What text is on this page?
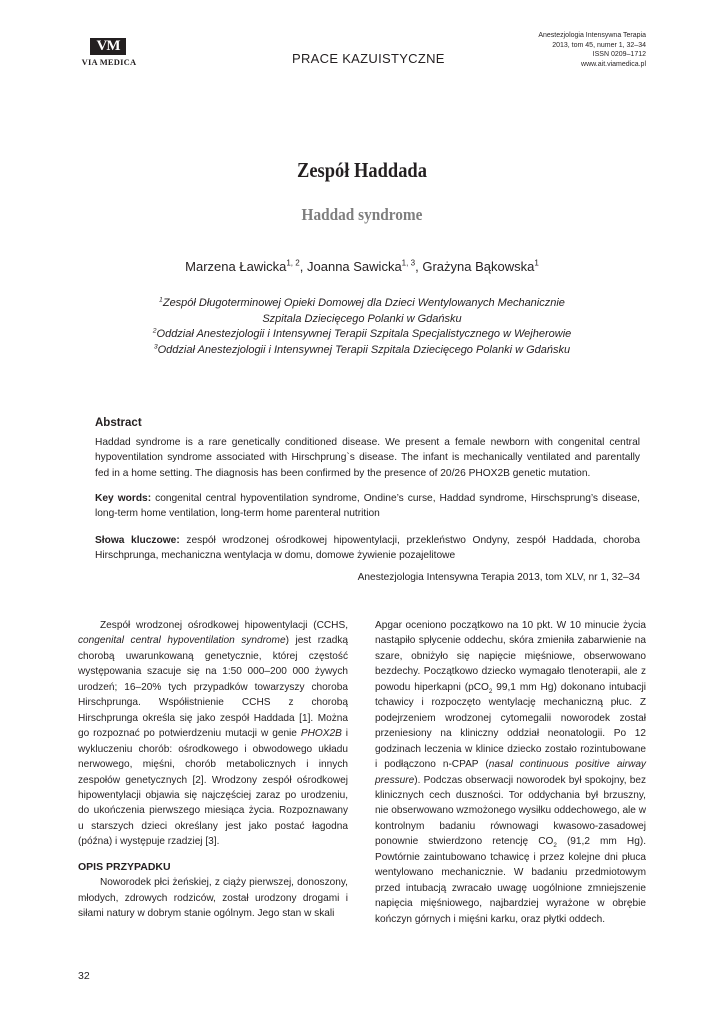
VM
VIA MEDICA	PRACE KAZUISTYCZNE
Anestezjologia Intensywna Terapia
2013, tom 45, numer 1, 32–34
ISSN 0209–1712
www.ait.viamedica.pl
Zespół Haddada
Haddad syndrome
Marzena Ławicka$^{1, 2}$, Joanna Sawicka$^{1, 3}$, Grażyna Bąkowska$^1$
$^1$Zespół Długoterminowej Opieki Domowej dla Dzieci Wentylowanych Mechanicznie
Szpitala Dziecięcego Polanki w Gdańsku
$^2$Oddział Anestezjologii i Intensywnej Terapii Szpitala Specjalistycznego w Wejherowie
$^3$Oddział Anestezjologii i Intensywnej Terapii Szpitala Dziecięcego Polanki w Gdańsku
Abstract
Haddad syndrome is a rare genetically conditioned disease. We present a female newborn with congenital central hypoventilation syndrome associated with Hirschprung`s disease. The infant is mechanically ventilated and parentally fed in a home setting. The diagnosis has been confirmed by the presence of 20/26 PHOX2B genetic mutation.
Key words: congenital central hypoventilation syndrome, Ondine’s curse, Haddad syndrome, Hirschsprung’s disease, long-term home ventilation, long-term home parenteral nutrition
Słowa kluczowe: zespół wrodzonej ośrodkowej hipowentylacji, przekleństwo Ondyny, zespół Haddada, choroba Hirschprunga, mechaniczna wentylacja w domu, domowe żywienie pozajelitowe
Anestezjologia Intensywna Terapia 2013, tom XLV, nr 1, 32–34

Zespół wrodzonej ośrodkowej hipowentylacji (CCHS, congenital central hypoventilation syndrome) jest rzadką chorobą uwarunkowaną genetycznie, której częstość występowania szacuje się na 1:50 000–200 000 żywych urodzeń; 16–20% tych przypadków towarzyszy choroba Hirschprunga. Współistnienie CCHS z chorobą Hirschprunga określa się jako zespół Haddada [1]. Można go rozpoznać po potwierdzeniu mutacji w genie PHOX2B i wykluczeniu chorób: ośrodkowego i obwodowego układu nerwowego, mięśni, chorób metabolicznych i innych zespołów genetycznych [2]. Wrodzony zespół ośrodkowej hipowentylacji objawia się najczęściej zaraz po urodzeniu, do ukończenia pierwszego miesiąca życia. Rozpoznawany u starszych dzieci określany jest jako postać łagodna (późna) i występuje rzadziej [3].

OPIS PRZYPADKU

Noworodek płci żeńskiej, z ciąży pierwszej, donoszony, młodych, zdrowych rodziców, został urodzony drogami i siłami natury w dobrym stanie ogólnym. Jego stan w skali

Apgar oceniono początkowo na 10 pkt. W 10 minucie życia nastąpiło spłycenie oddechu, skóra zmieniła zabarwienie na szare, obniżyło się napięcie mięśniowe, obserwowano bezdechy. Początkowo dziecko wymagało tlenoterapii, ale z powodu hiperkapni (pCO$_2$ 99,1 mm Hg) dokonano intubacji tchawicy i rozpoczęto wentylację mechaniczną płuc. Z podejrzeniem wrodzonej cytomegalii noworodek został przeniesiony na kliniczny oddział neonatologii. Po 12 godzinach leczenia w klinice dziecko zostało rozintubowane i podłączono n-CPAP (nasal continuous positive airway pressure). Podczas obserwacji noworodek był spokojny, bez klinicznych cech duszności. Tor oddychania był brzuszny, nie obserwowano wzmożonego wysiłku oddechowego, ale w kontrolnym badaniu równowagi kwasowo-zasadowej ponownie stwierdzono retencję $CO_2$ (91,2 mm Hg). Powtórnie zaintubowano tchawicę i przez kolejne dni płuca wentylowano mechanicznie. W badaniu przedmiotowym przed intubacją zwracało uwagę uogólnione zmniejszenie napięcia mięśniowego, najbardziej wyrażone w obrębie kończyn górnych i mięśni karku, oraz płytki oddech.

32
